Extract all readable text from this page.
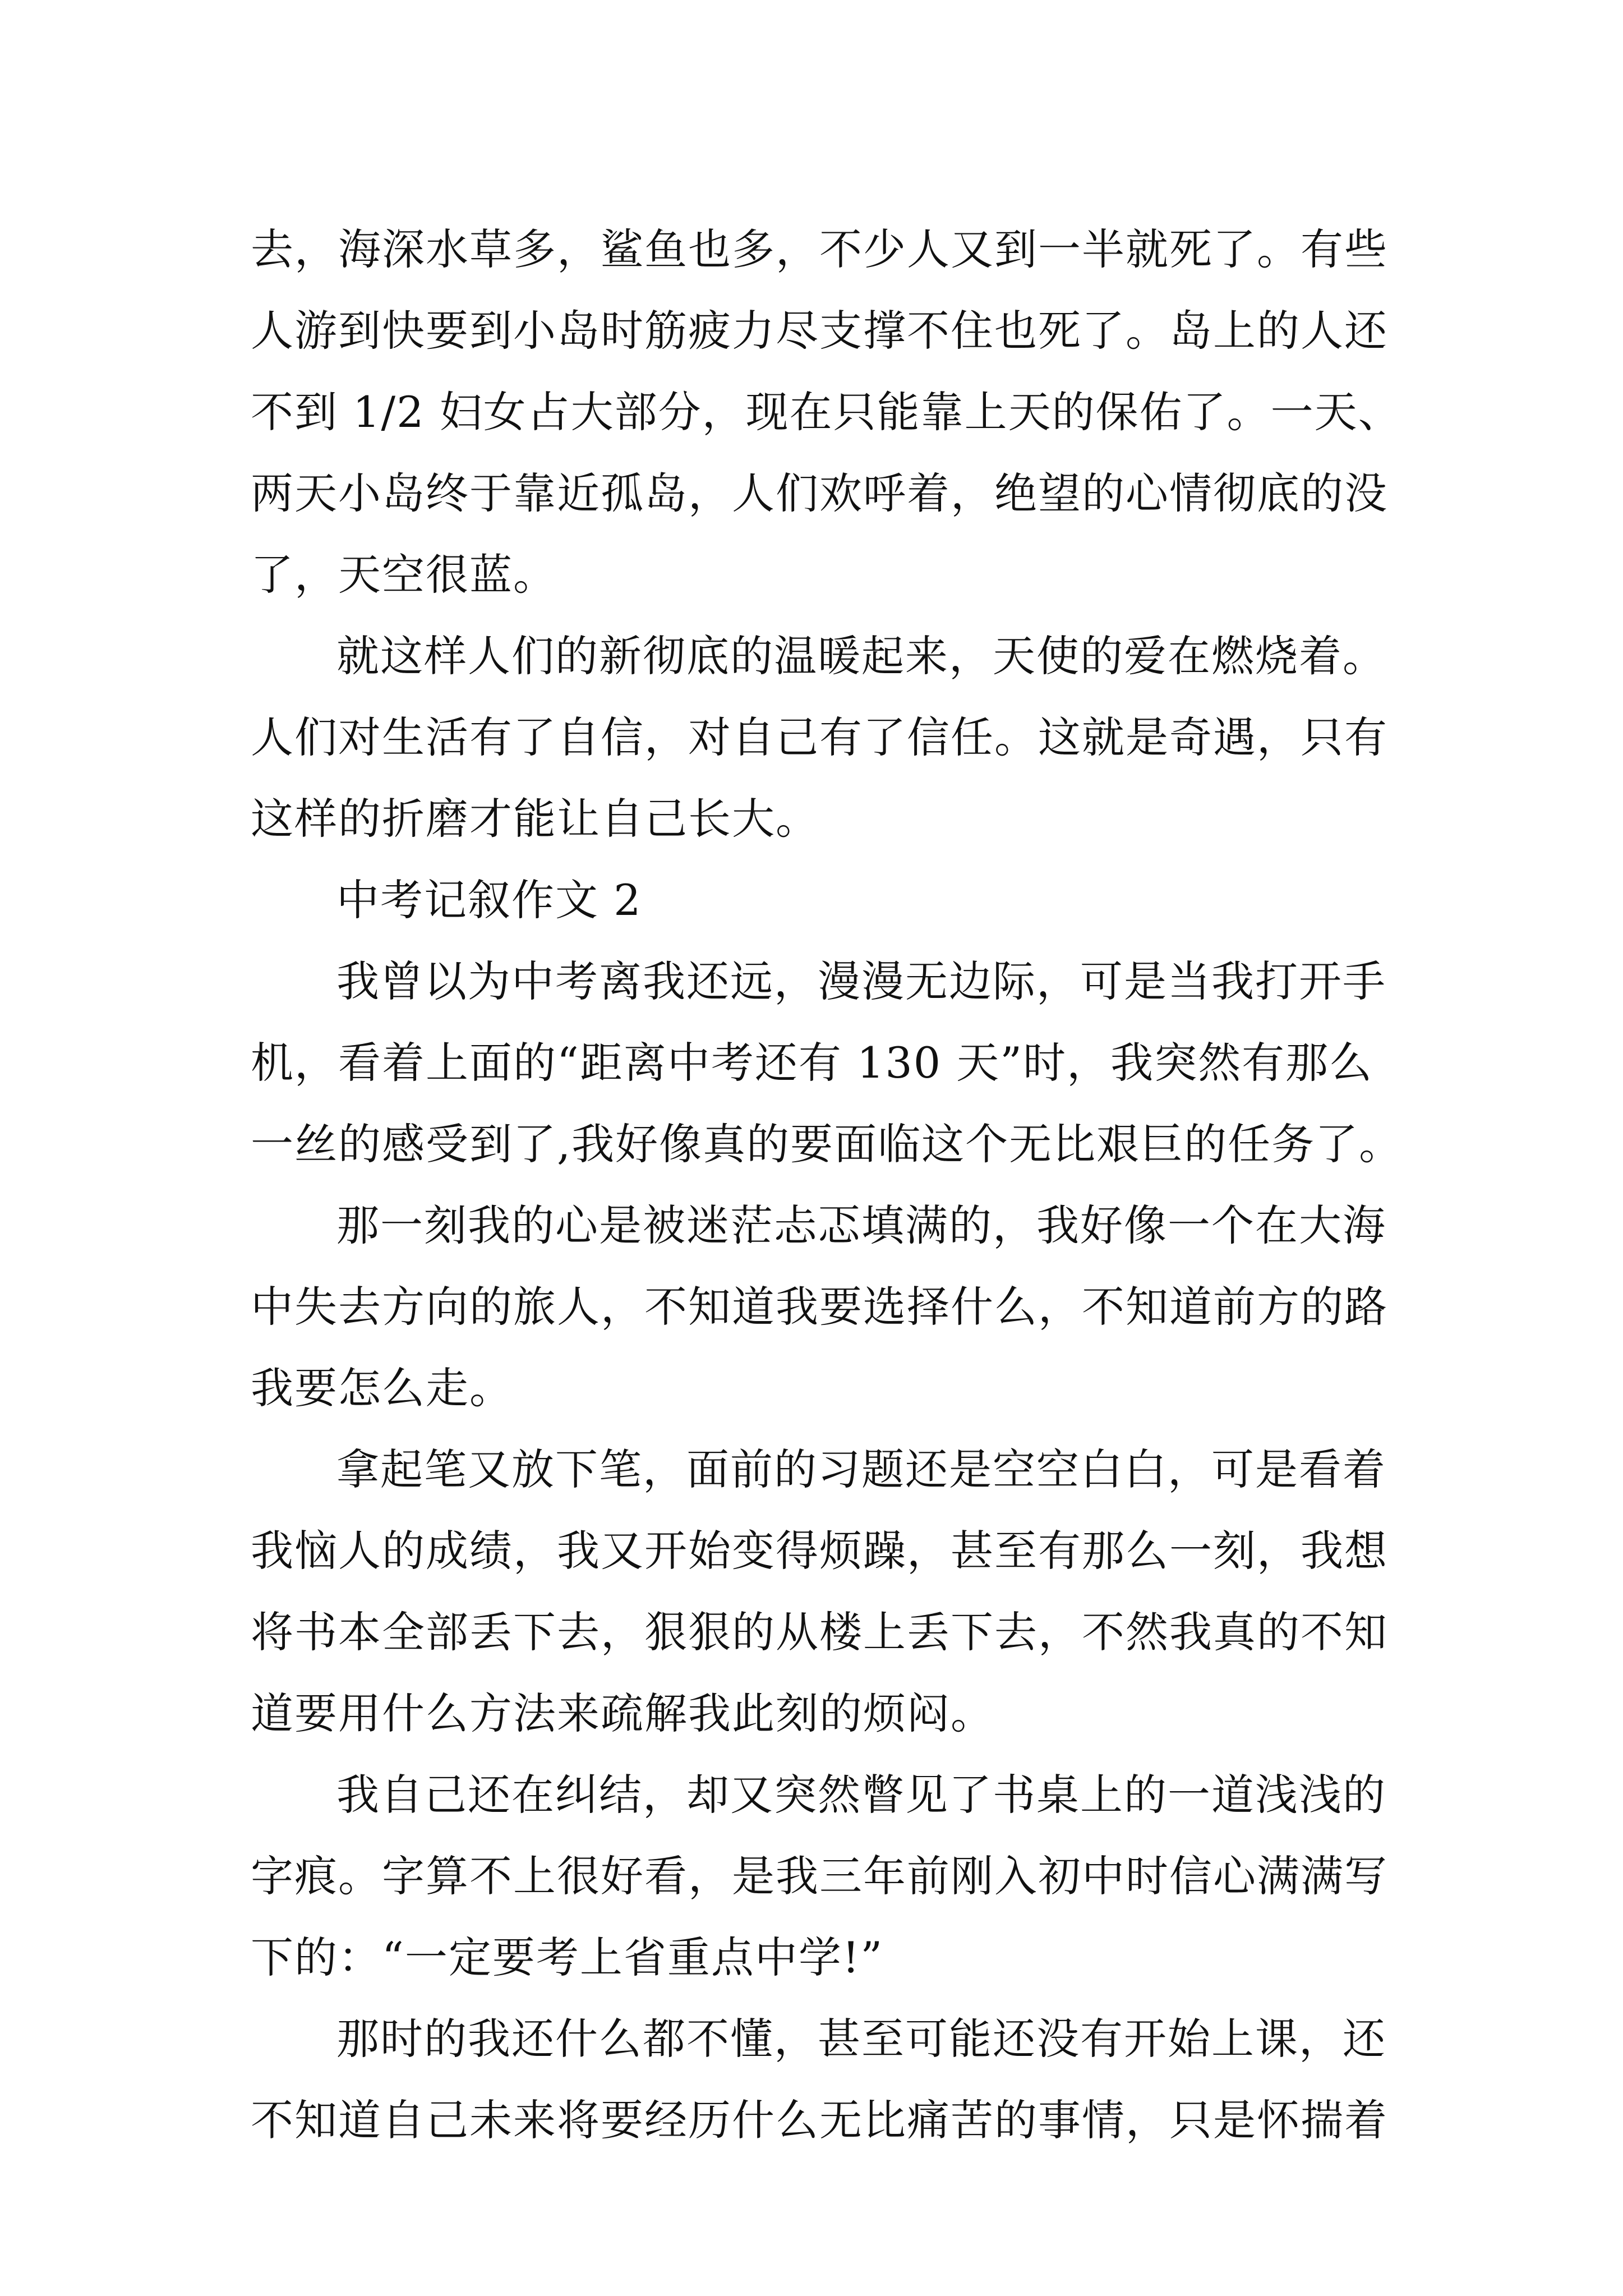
去，海深水草多，鲨鱼也多，不少人又到一半就死了。有些
人游到快要到小岛时筋疲力尽支撑不住也死了。岛上的人还
不到 1/2 妇女占大部分，现在只能靠上天的保佑了。一天、
两天小岛终于靠近孤岛，人们欢呼着，绝望的心情彻底的没
了，天空很蓝。
就这样人们的新彻底的温暖起来，天使的爱在燃烧着。
人们对生活有了自信，对自己有了信任。这就是奇遇，只有
这样的折磨才能让自己长大。
中考记叙作文 2
我曾以为中考离我还远，漫漫无边际，可是当我打开手
机，看着上面的“距离中考还有 130 天”时，我突然有那么
一丝的感受到了,我好像真的要面临这个无比艰巨的任务了。
那一刻我的心是被迷茫忐忑填满的，我好像一个在大海
中失去方向的旅人，不知道我要选择什么，不知道前方的路
我要怎么走。
拿起笔又放下笔，面前的习题还是空空白白，可是看着
我恼人的成绩，我又开始变得烦躁，甚至有那么一刻，我想
将书本全部丢下去，狠狠的从楼上丢下去，不然我真的不知
道要用什么方法来疏解我此刻的烦闷。
我自己还在纠结，却又突然瞥见了书桌上的一道浅浅的
字痕。字算不上很好看，是我三年前刚入初中时信心满满写
下的：“一定要考上省重点中学!”
那时的我还什么都不懂，甚至可能还没有开始上课，还
不知道自己未来将要经历什么无比痛苦的事情，只是怀揣着
